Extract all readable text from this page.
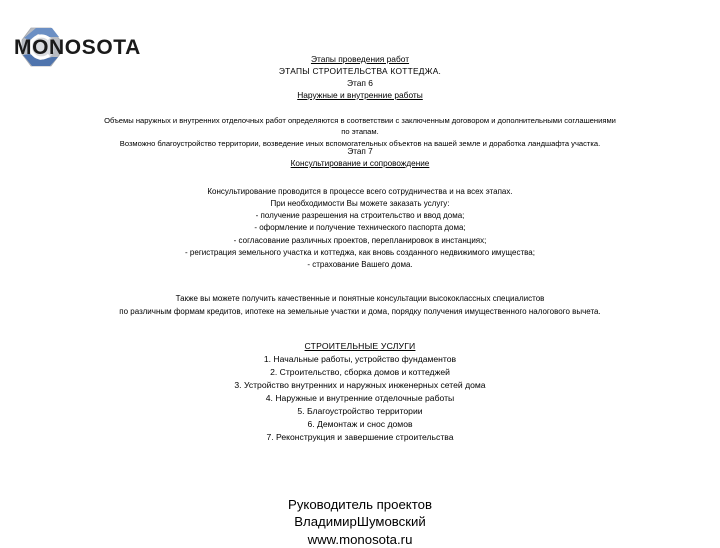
MONOSOTA	Этапы проведения работ
ЭТАПЫ СТРОИТЕЛЬСТВА КОТТЕДЖА.
Этап 6
Наружные и внутренние работы
Объемы наружных и внутренних отделочных работ определяются в соответствии с заключенным договором и дополнительными соглашениями
по этапам.
Возможно благоустройство территории, возведение иных вспомогательных объектов на вашей земле и доработка ландшафта участка.
Этап 7
Консультирование и сопровождение
Консультирование проводится в процессе всего сотрудничества и на всех этапах.
При необходимости Вы можете заказать услугу:
- получение разрешения на строительство и ввод дома;
- оформление и получение технического паспорта дома;
- согласование различных проектов, перепланировок в инстанциях;
- регистрация земельного участка и коттеджа, как вновь созданного недвижимого имущества;
- страхование Вашего дома.
Также вы можете получить качественные и понятные консультации высококлассных специалистов
по различным формам кредитов, ипотеке на земельные участки и дома, порядку получения имущественного налогового вычета.
СТРОИТЕЛЬНЫЕ УСЛУГИ
1. Начальные работы, устройство фундаментов
2. Строительство, сборка домов и коттеджей
3. Устройство внутренних и наружных инженерных сетей дома
4. Наружные и внутренние отделочные работы
5. Благоустройство территории
6. Демонтаж и снос домов
7. Реконструкция и завершение строительства
Руководитель проектов
ВладимирШумовский
www.monosota.ru
